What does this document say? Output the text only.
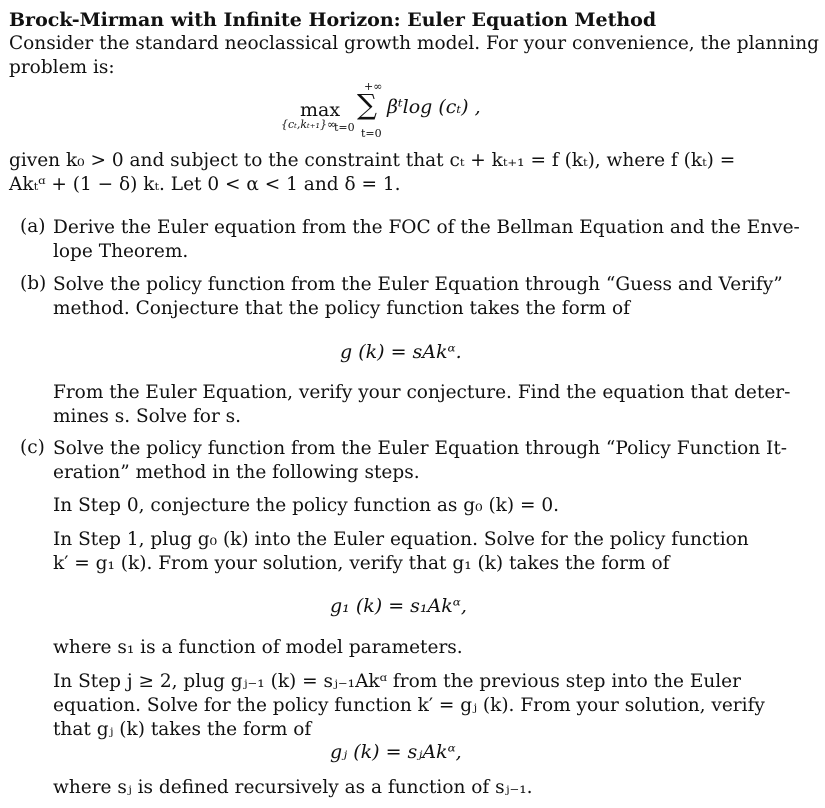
Brock-Mirman with Infinite Horizon: Euler Equation Method
Consider the standard neoclassical growth model. For your convenience, the planning
problem is:
+∞
max ∑ βᵗlog (cₜ) ,
{cₜ,kₜ₊₁}∞
t=0 t=0
given k₀ > 0 and subject to the constraint that cₜ + kₜ₊₁ = f (kₜ), where f (kₜ) =
Akₜᵅ + (1 − δ) kₜ. Let 0 < α < 1 and δ = 1.
(a) Derive the Euler equation from the FOC of the Bellman Equation and the Enve-
lope Theorem.
(b) Solve the policy function from the Euler Equation through “Guess and Verify”
method. Conjecture that the policy function takes the form of
g (k) = sAkᵅ.
From the Euler Equation, verify your conjecture. Find the equation that deter-
mines s. Solve for s.
(c) Solve the policy function from the Euler Equation through “Policy Function It-
eration” method in the following steps.
In Step 0, conjecture the policy function as g₀ (k) = 0.
In Step 1, plug g₀ (k) into the Euler equation. Solve for the policy function
k′ = g₁ (k). From your solution, verify that g₁ (k) takes the form of
g₁ (k) = s₁Akᵅ,
where s₁ is a function of model parameters.
In Step j ≥ 2, plug gⱼ₋₁ (k) = sⱼ₋₁Akᵅ from the previous step into the Euler
equation. Solve for the policy function k′ = gⱼ (k). From your solution, verify
that gⱼ (k) takes the form of
gⱼ (k) = sⱼAkᵅ,
where sⱼ is defined recursively as a function of sⱼ₋₁.
